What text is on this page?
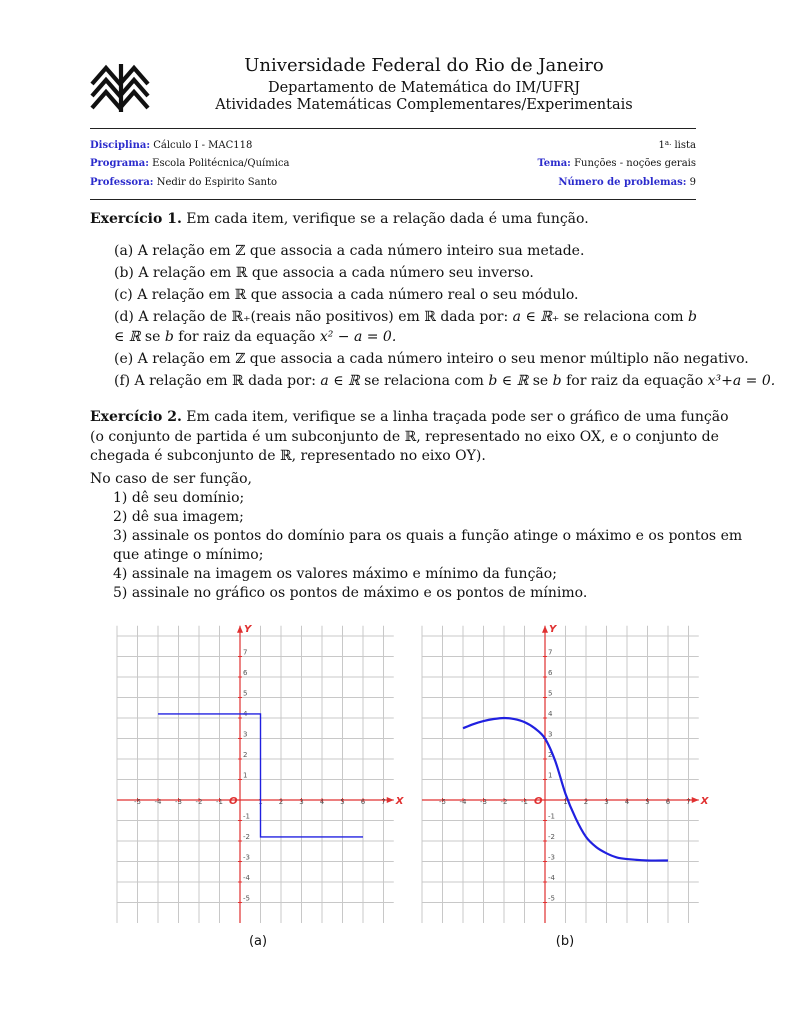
Universidade Federal do Rio de Janeiro
Departamento de Matemática do IM/UFRJ
Atividades Matemáticas Complementares/Experimentais
Disciplina: Cálculo I - MAC118
Programa: Escola Politécnica/Química
Professora: Nedir do Espirito Santo
$1^{a.}$ lista
Tema: Funções - noções gerais
Número de problemas: 9
Exercício 1. Em cada item, verifique se a relação dada é uma função.
(a) A relação em ℤ que associa a cada número inteiro sua metade.
(b) A relação em ℝ que associa a cada número seu inverso.
(c) A relação em ℝ que associa a cada número real o seu módulo.
(d) A relação de ℝ₊(reais não positivos) em ℝ dada por: a ∈ ℝ₊ se relaciona com b ∈ ℝ se b for raiz da equação x² − a = 0.
(e) A relação em ℤ que associa a cada número inteiro o seu menor múltiplo não negativo.
(f) A relação em ℝ dada por: a ∈ ℝ se relaciona com b ∈ ℝ se b for raiz da equação x³+a = 0.
Exercício 2. Em cada item, verifique se a linha traçada pode ser o gráfico de uma função
(o conjunto de partida é um subconjunto de ℝ, representado no eixo OX, e o conjunto de
chegada é subconjunto de ℝ, representado no eixo OY).
No caso de ser função,
1) dê seu domínio;
2) dê sua imagem;
3) assinale os pontos do domínio para os quais a função atinge o máximo e os pontos em
que atinge o mínimo;
4) assinale na imagem os valores máximo e mínimo da função;
5) assinale no gráfico os pontos de máximo e os pontos de mínimo.
-5 -4 -3 -2 -1	1 2 3 4 5 6 7
-5
-4
-3
-2
-1
1
2
3
4
5
6
7
X
Y
O
(a)
-5 -4 -3 -2 -1	1 2 3 4 5 6 7
-5
-4
-3
-2
-1
1
2
3
4
5
6
7
X
Y
O
(b)
